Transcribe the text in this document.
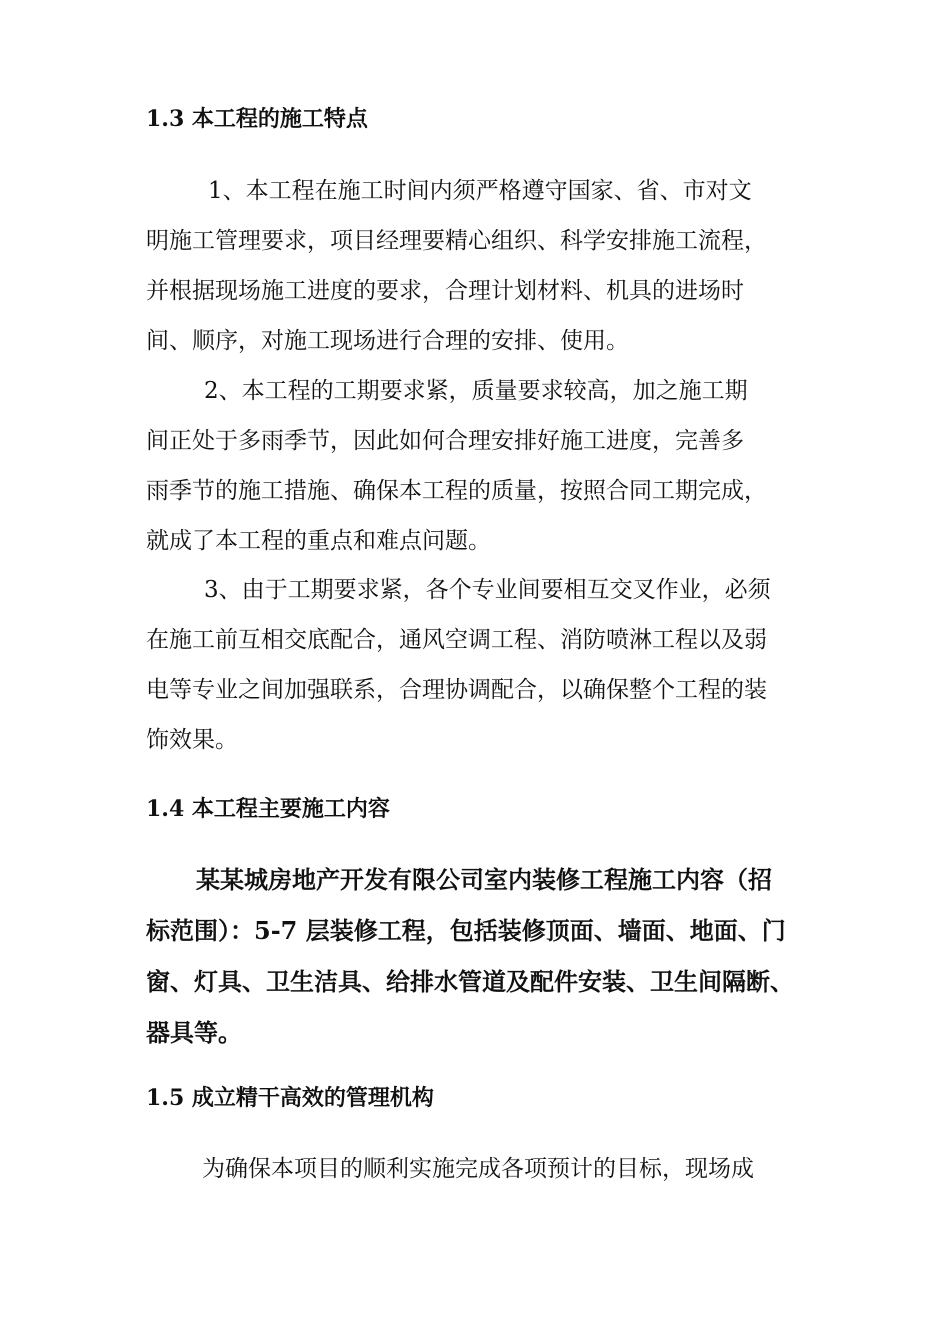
1.3 本工程的施工特点
1、本工程在施工时间内须严格遵守国家、省、市对文
明施工管理要求，项目经理要精心组织、科学安排施工流程，
并根据现场施工进度的要求，合理计划材料、机具的进场时
间、顺序，对施工现场进行合理的安排、使用。
2、本工程的工期要求紧，质量要求较高，加之施工期
间正处于多雨季节，因此如何合理安排好施工进度，完善多
雨季节的施工措施、确保本工程的质量，按照合同工期完成，
就成了本工程的重点和难点问题。
3、由于工期要求紧，各个专业间要相互交叉作业，必须
在施工前互相交底配合，通风空调工程、消防喷淋工程以及弱
电等专业之间加强联系，合理协调配合，以确保整个工程的装
饰效果。
1.4 本工程主要施工内容
某某城房地产开发有限公司室内装修工程施工内容（招
标范围）：5-7 层装修工程，包括装修顶面、墙面、地面、门
窗、灯具、卫生洁具、给排水管道及配件安装、卫生间隔断、
器具等。
1.5 成立精干高效的管理机构
为确保本项目的顺利实施完成各项预计的目标，现场成
